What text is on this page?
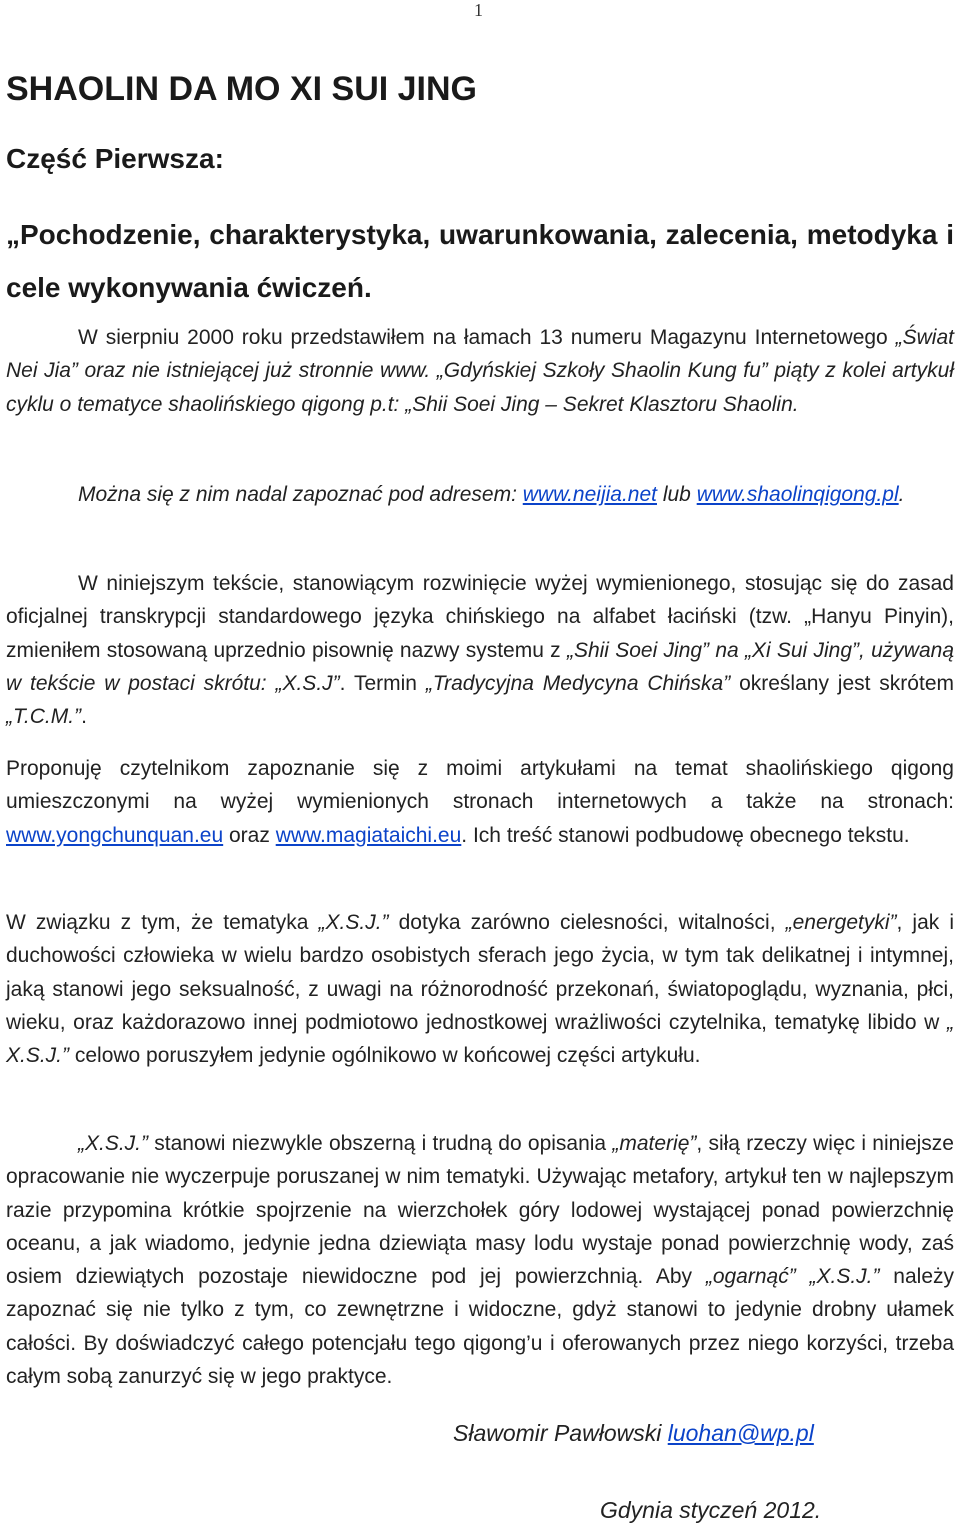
1
SHAOLIN DA MO XI SUI JING
Część Pierwsza:
„Pochodzenie, charakterystyka, uwarunkowania, zalecenia, metodyka i cele wykonywania ćwiczeń.

W sierpniu 2000 roku przedstawiłem na łamach 13 numeru Magazynu Internetowego „Świat Nei Jia” oraz nie istniejącej już stronnie www. „Gdyńskiej Szkoły Shaolin Kung fu” piąty z kolei artykuł cyklu o tematyce shaolińskiego qigong p.t: „Shii Soei Jing – Sekret Klasztoru Shaolin.

Można się z nim nadal zapoznać pod adresem: www.neijia.net lub www.shaolinqigong.pl.

W niniejszym tekście, stanowiącym rozwinięcie wyżej wymienionego, stosując się do zasad oficjalnej transkrypcji standardowego języka chińskiego na alfabet łaciński (tzw. „Hanyu Pinyin), zmieniłem stosowaną uprzednio pisownię nazwy systemu z „Shii Soei Jing” na „Xi Sui Jing”, używaną w tekście w postaci skrótu: „X.S.J”. Termin „Tradycyjna Medycyna Chińska” określany jest skrótem „T.C.M.”.

Proponuję czytelnikom zapoznanie się z moimi artykułami na temat shaolińskiego qigong umieszczonymi na wyżej wymienionych stronach internetowych a także na stronach: www.yongchunquan.eu oraz www.magiataichi.eu. Ich treść stanowi podbudowę obecnego tekstu.

W związku z tym, że tematyka „X.S.J.” dotyka zarówno cielesności, witalności, „energetyki”, jak i duchowości człowieka w wielu bardzo osobistych sferach jego życia, w tym tak delikatnej i intymnej, jaką stanowi jego seksualność, z uwagi na różnorodność przekonań, światopoglądu, wyznania, płci, wieku, oraz każdorazowo innej podmiotowo jednostkowej wrażliwości czytelnika, tematykę libido w „ X.S.J.” celowo poruszyłem jedynie ogólnikowo w końcowej części artykułu.

„X.S.J.” stanowi niezwykle obszerną i trudną do opisania „materię”, siłą rzeczy więc i niniejsze opracowanie nie wyczerpuje poruszanej w nim tematyki. Używając metafory, artykuł ten w najlepszym razie przypomina krótkie spojrzenie na wierzchołek góry lodowej wystającej ponad powierzchnię oceanu, a jak wiadomo, jedynie jedna dziewiąta masy lodu wystaje ponad powierzchnię wody, zaś osiem dziewiątych pozostaje niewidoczne pod jej powierzchnią. Aby „ogarnąć” „X.S.J.” należy zapoznać się nie tylko z tym, co zewnętrzne i widoczne, gdyż stanowi to jedynie drobny ułamek całości. By doświadczyć całego potencjału tego qigong’u i oferowanych przez niego korzyści, trzeba całym sobą zanurzyć się w jego praktyce.

Sławomir Pawłowski luohan@wp.pl

Gdynia styczeń 2012.
